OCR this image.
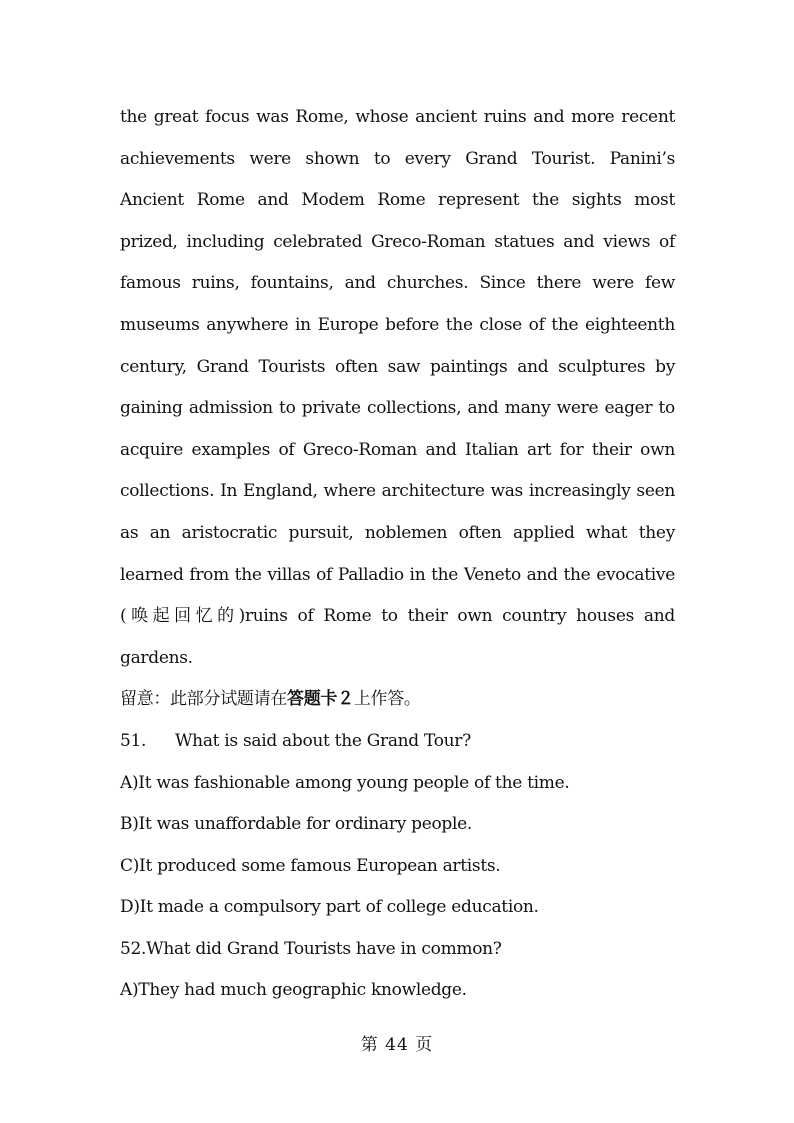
the great focus was Rome, whose ancient ruins and more recent achievements were shown to every Grand Tourist. Panini’s Ancient Rome and Modem Rome represent the sights most prized, including celebrated Greco-Roman statues and views of famous ruins, fountains, and churches. Since there were few museums anywhere in Europe before the close of the eighteenth century, Grand Tourists often saw paintings and sculptures by gaining admission to private collections, and many were eager to acquire examples of Greco-Roman and Italian art for their own collections. In England, where architecture was increasingly seen as an aristocratic pursuit, noblemen often applied what they learned from the villas of Palladio in the Veneto and the evocative (唤起回忆的)ruins of Rome to their own country houses and gardens.

留意：此部分试题请在答题卡２上作答。
51. What is said about the Grand Tour?
A)It was fashionable among young people of the time.
B)It was unaffordable for ordinary people.
C)It produced some famous European artists.
D)It made a compulsory part of college education.
52.What did Grand Tourists have in common?
A)They had much geographic knowledge.
第 44 页
